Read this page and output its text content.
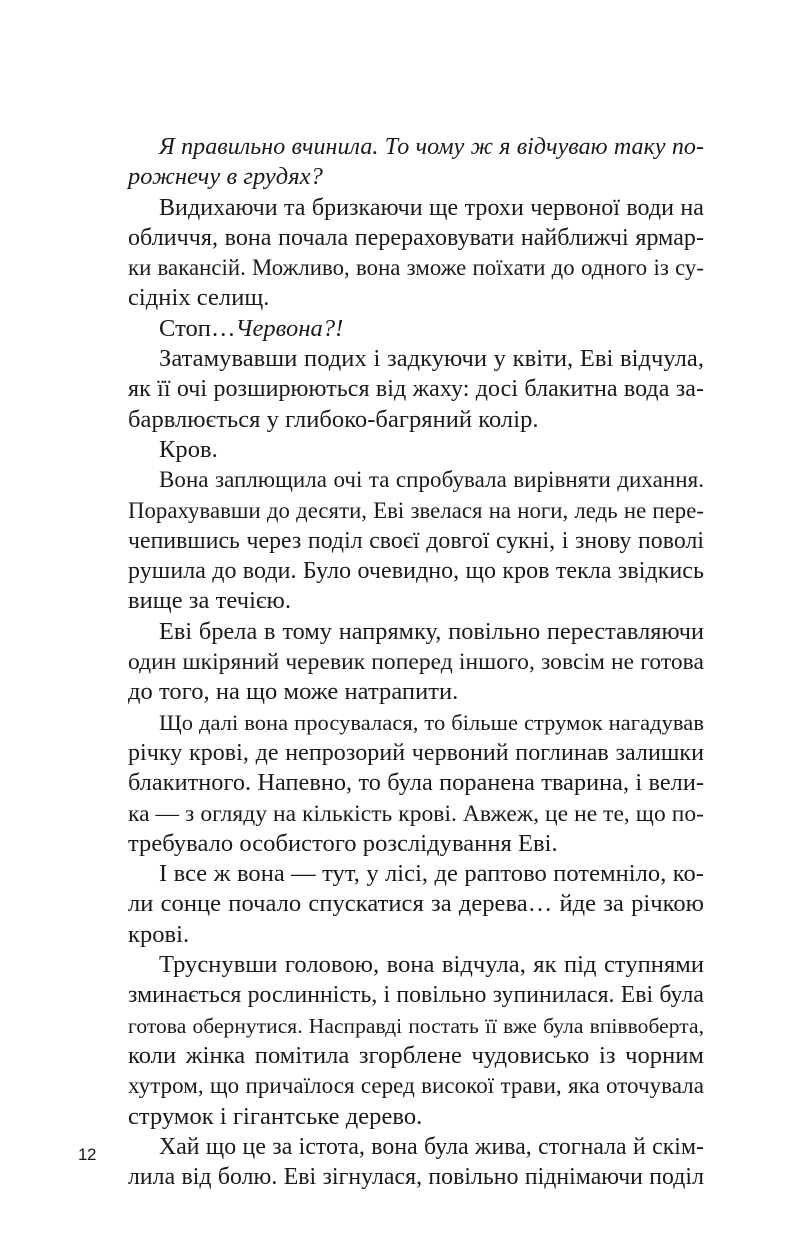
Я правильно вчинила. То чому ж я відчуваю таку по-
рожнечу в грудях?
Видихаючи та бризкаючи ще трохи червоної води на
обличчя, вона почала перераховувати найближчі ярмар-
ки вакансій. Можливо, вона зможе поїхати до одного із су-
сідніх селищ.
Стоп…Червона?!
Затамувавши подих і задкуючи у квіти, Еві відчула,
як її очі розширюються від жаху: досі блакитна вода за-
барвлюється у глибоко-багряний колір.
Кров.
Вона заплющила очі та спробувала вирівняти дихання.
Порахувавши до десяти, Еві звелася на ноги, ледь не пере-
чепившись через поділ своєї довгої сукні, і знову поволі
рушила до води. Було очевидно, що кров текла звідкись
вище за течією.
Еві брела в тому напрямку, повільно переставляючи
один шкіряний черевик поперед іншого, зовсім не готова
до того, на що може натрапити.
Що далі вона просувалася, то більше струмок нагадував
річку крові, де непрозорий червоний поглинав залишки
блакитного. Напевно, то була поранена тварина, і вели-
ка — з огляду на кількість крові. Авжеж, це не те, що по-
требувало особистого розслідування Еві.
І все ж вона — тут, у лісі, де раптово потемніло, ко-
ли сонце почало спускатися за дерева… йде за річкою
крові.
Труснувши головою, вона відчула, як під ступнями
зминається рослинність, і повільно зупинилася. Еві була
готова обернутися. Насправді постать її вже була впіввоберта,
коли жінка помітила згорблене чудовисько із чорним
хутром, що причаїлося серед високої трави, яка оточувала
струмок і гігантське дерево.
Хай що це за істота, вона була жива, стогнала й скім-
лила від болю. Еві зігнулася, повільно піднімаючи поділ
12
